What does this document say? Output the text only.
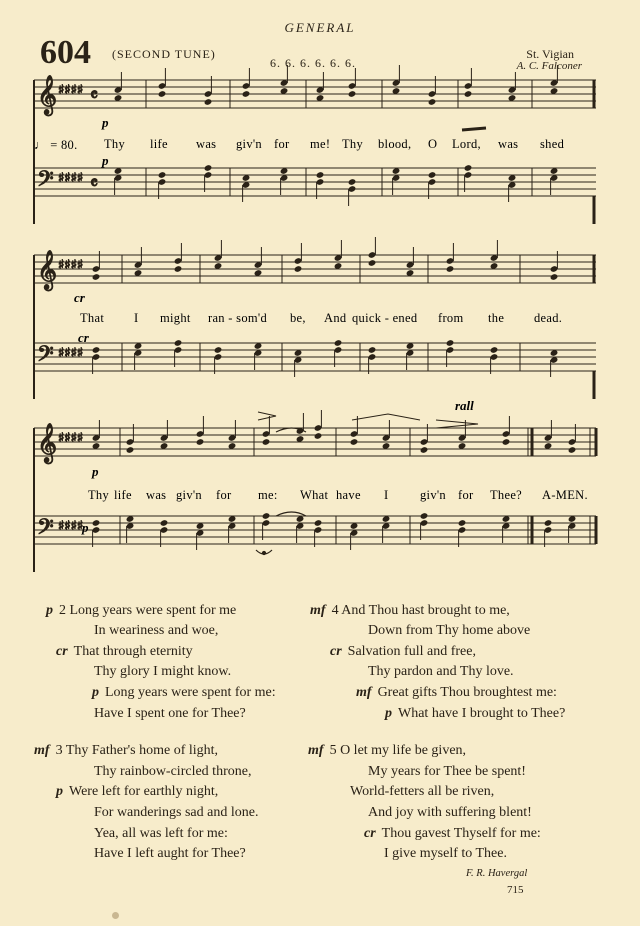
GENERAL
604 (SECOND TUNE)
6. 6. 6. 6. 6. 6.
St. Vigian
A. C. Falconer
𝄞 ♯♯♯♯ 𝄴
𝄢 ♯♯♯♯ 𝄴
𝄞 ♯♯♯♯
𝄢 ♯♯♯♯
𝄞 ♯♯♯♯
𝄢 ♯♯♯♯
♩ = 80.
p
p
cr
cr
p
p
rall
Thy life was giv'n for me! Thy blood, O Lord, was shed
That I might ran - som'd be, And quick - ened from the dead.
Thy life was giv'n for me: What have I	giv'n for Thee? A-MEN.
p 2 Long years were spent for me
In weariness and woe,
cr That through eternity
Thy glory I might know.
p Long years were spent for me:
Have I spent one for Thee?
mf 3 Thy Father's home of light,
Thy rainbow-circled throne,
p Were left for earthly night,
For wanderings sad and lone.
Yea, all was left for me:
Have I left aught for Thee?
mf 4 And Thou hast brought to me,
Down from Thy home above
cr Salvation full and free,
Thy pardon and Thy love.
mf Great gifts Thou broughtest me:
p What have I brought to Thee?
mf 5 O let my life be given,
My years for Thee be spent!
World-fetters all be riven,
And joy with suffering blent!
cr Thou gavest Thyself for me:
I give myself to Thee.
F. R. Havergal
715
